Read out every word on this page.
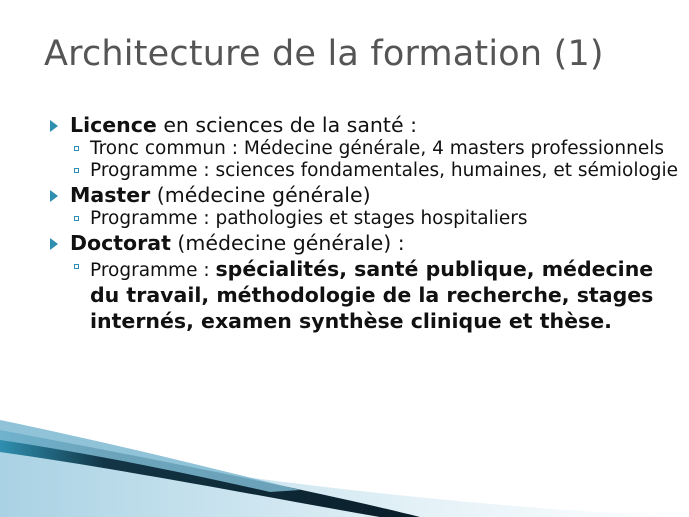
Architecture de la formation (1)
Licence en sciences de la santé :
Tronc commun : Médecine générale, 4 masters professionnels
Programme : sciences fondamentales, humaines, et sémiologie
Master (médecine générale)
Programme : pathologies et stages hospitaliers
Doctorat (médecine générale) :
Programme : spécialités, santé publique, médecine du travail, méthodologie de la recherche, stages internés, examen synthèse clinique et thèse.
